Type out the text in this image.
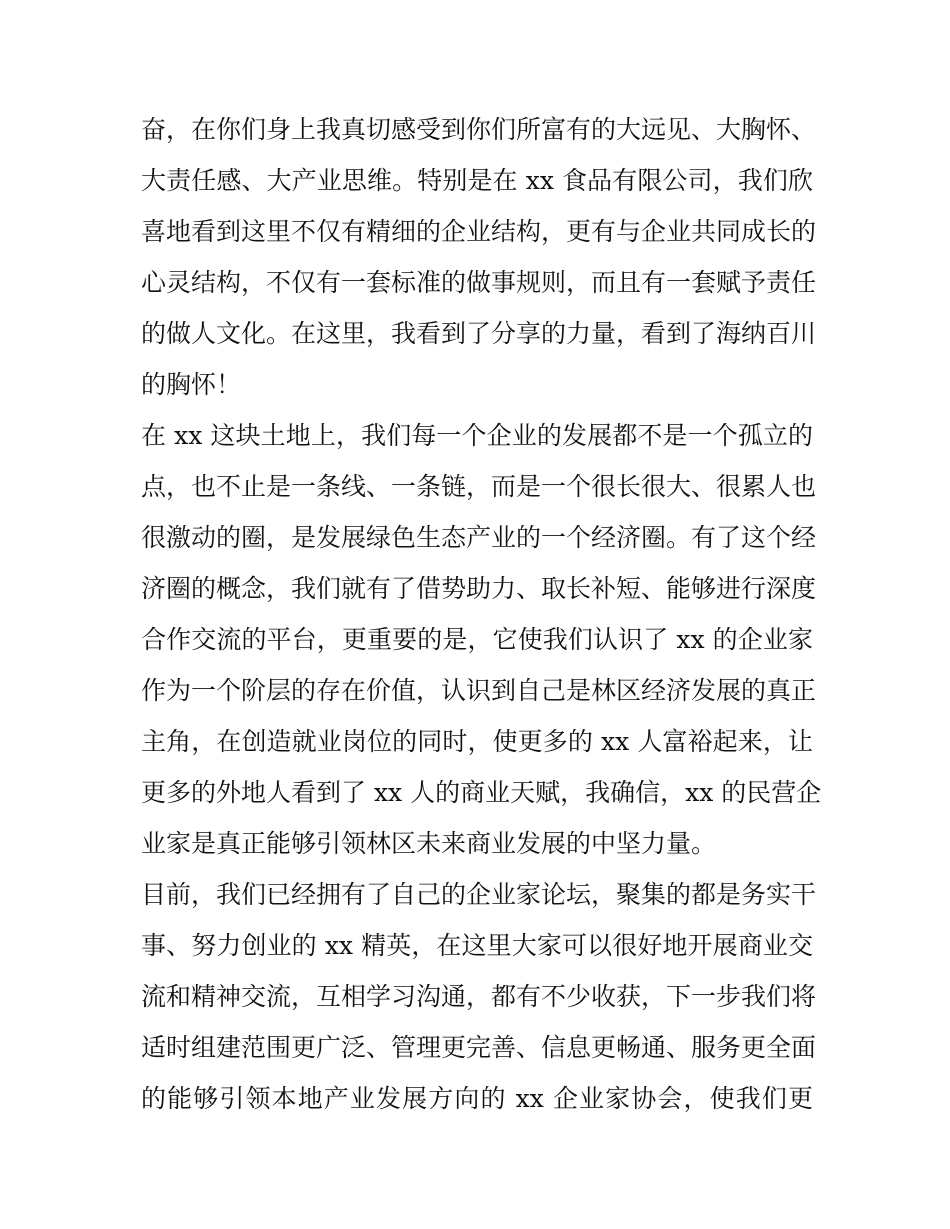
奋，在你们身上我真切感受到你们所富有的大远见、大胸怀、
大责任感、大产业思维。特别是在 xx 食品有限公司，我们欣
喜地看到这里不仅有精细的企业结构，更有与企业共同成长的
心灵结构，不仅有一套标准的做事规则，而且有一套赋予责任
的做人文化。在这里，我看到了分享的力量，看到了海纳百川
的胸怀！
在 xx 这块土地上，我们每一个企业的发展都不是一个孤立的
点，也不止是一条线、一条链，而是一个很长很大、很累人也
很激动的圈，是发展绿色生态产业的一个经济圈。有了这个经
济圈的概念，我们就有了借势助力、取长补短、能够进行深度
合作交流的平台，更重要的是，它使我们认识了 xx 的企业家
作为一个阶层的存在价值，认识到自己是林区经济发展的真正
主角，在创造就业岗位的同时，使更多的 xx 人富裕起来，让
更多的外地人看到了 xx 人的商业天赋，我确信，xx 的民营企
业家是真正能够引领林区未来商业发展的中坚力量。
目前，我们已经拥有了自己的企业家论坛，聚集的都是务实干
事、努力创业的 xx 精英，在这里大家可以很好地开展商业交
流和精神交流，互相学习沟通，都有不少收获，下一步我们将
适时组建范围更广泛、管理更完善、信息更畅通、服务更全面
的能够引领本地产业发展方向的 xx 企业家协会，使我们更
